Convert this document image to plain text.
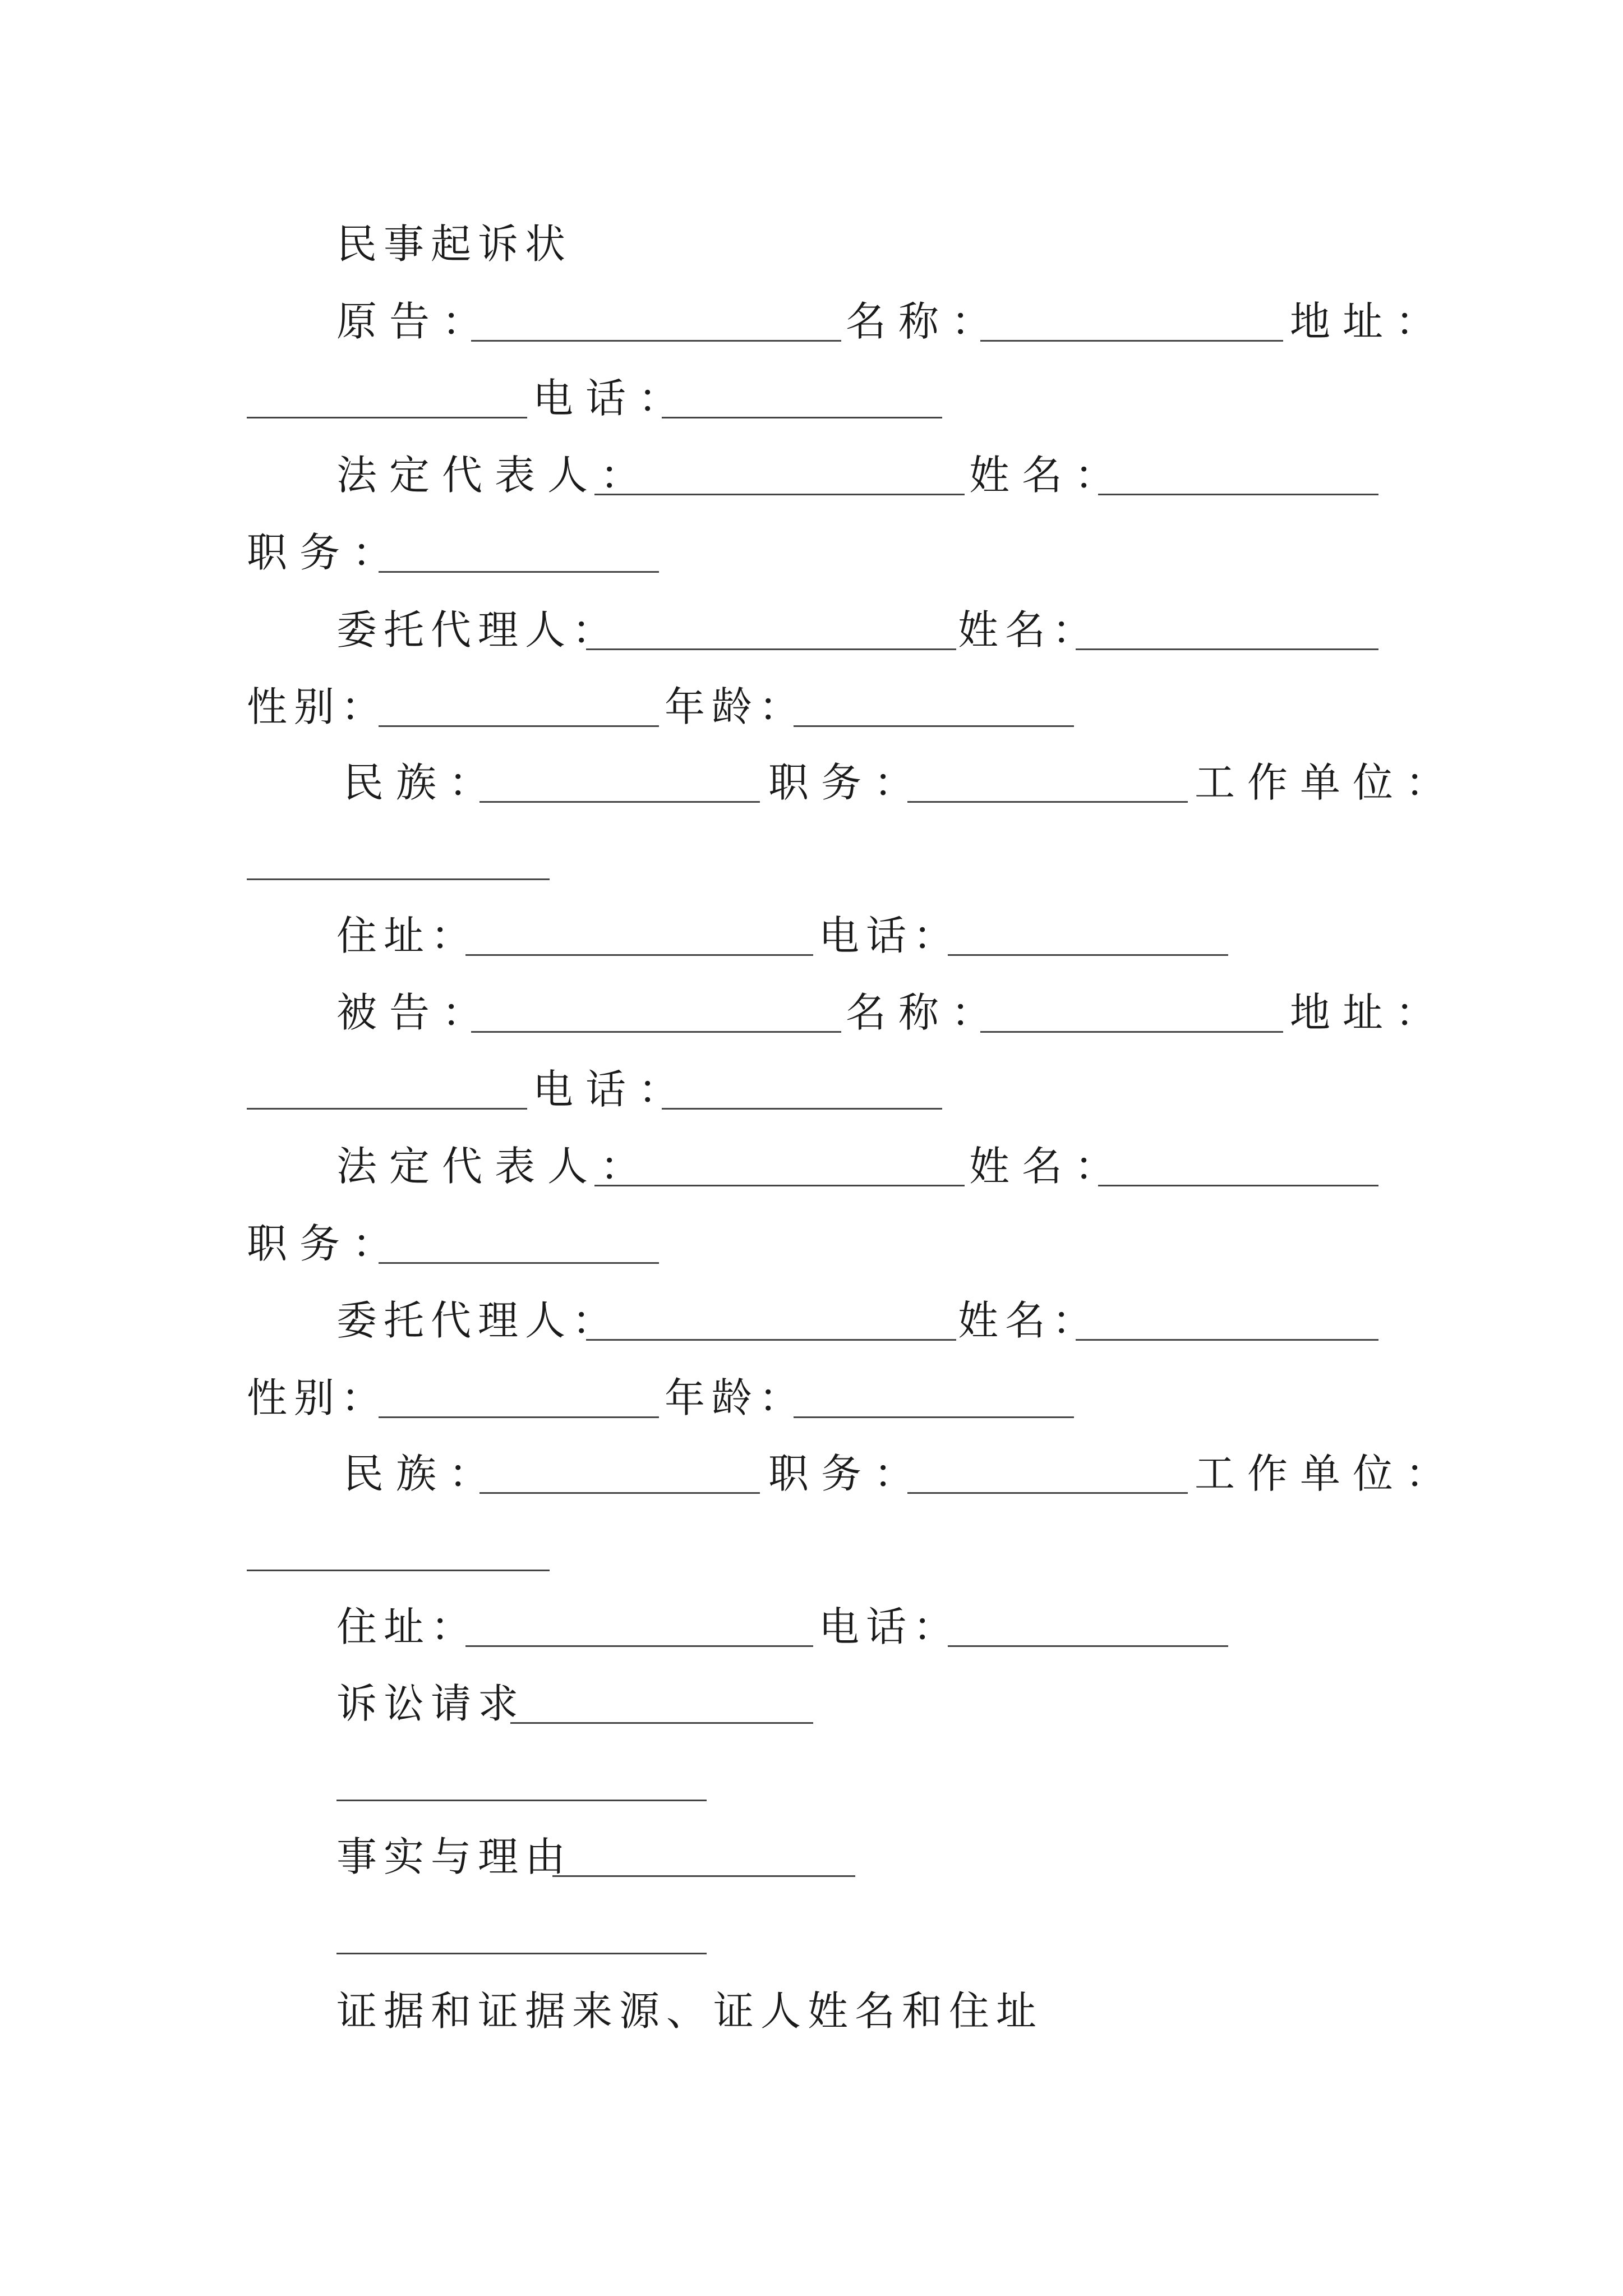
民事起诉状
原告：	名称：	地址：
电话：
法定代表人：	姓名：
职务：
委托代理人：	姓名：
性别：	年龄：
民族：	职务：	工作单位：
住址：	电话：
被告：	名称：	地址：
电话：
法定代表人：	姓名：
职务：
委托代理人：	姓名：
性别：	年龄：
民族：	职务：	工作单位：
住址：	电话：
诉讼请求
事实与理由
证据和证据来源、证人姓名和住址
